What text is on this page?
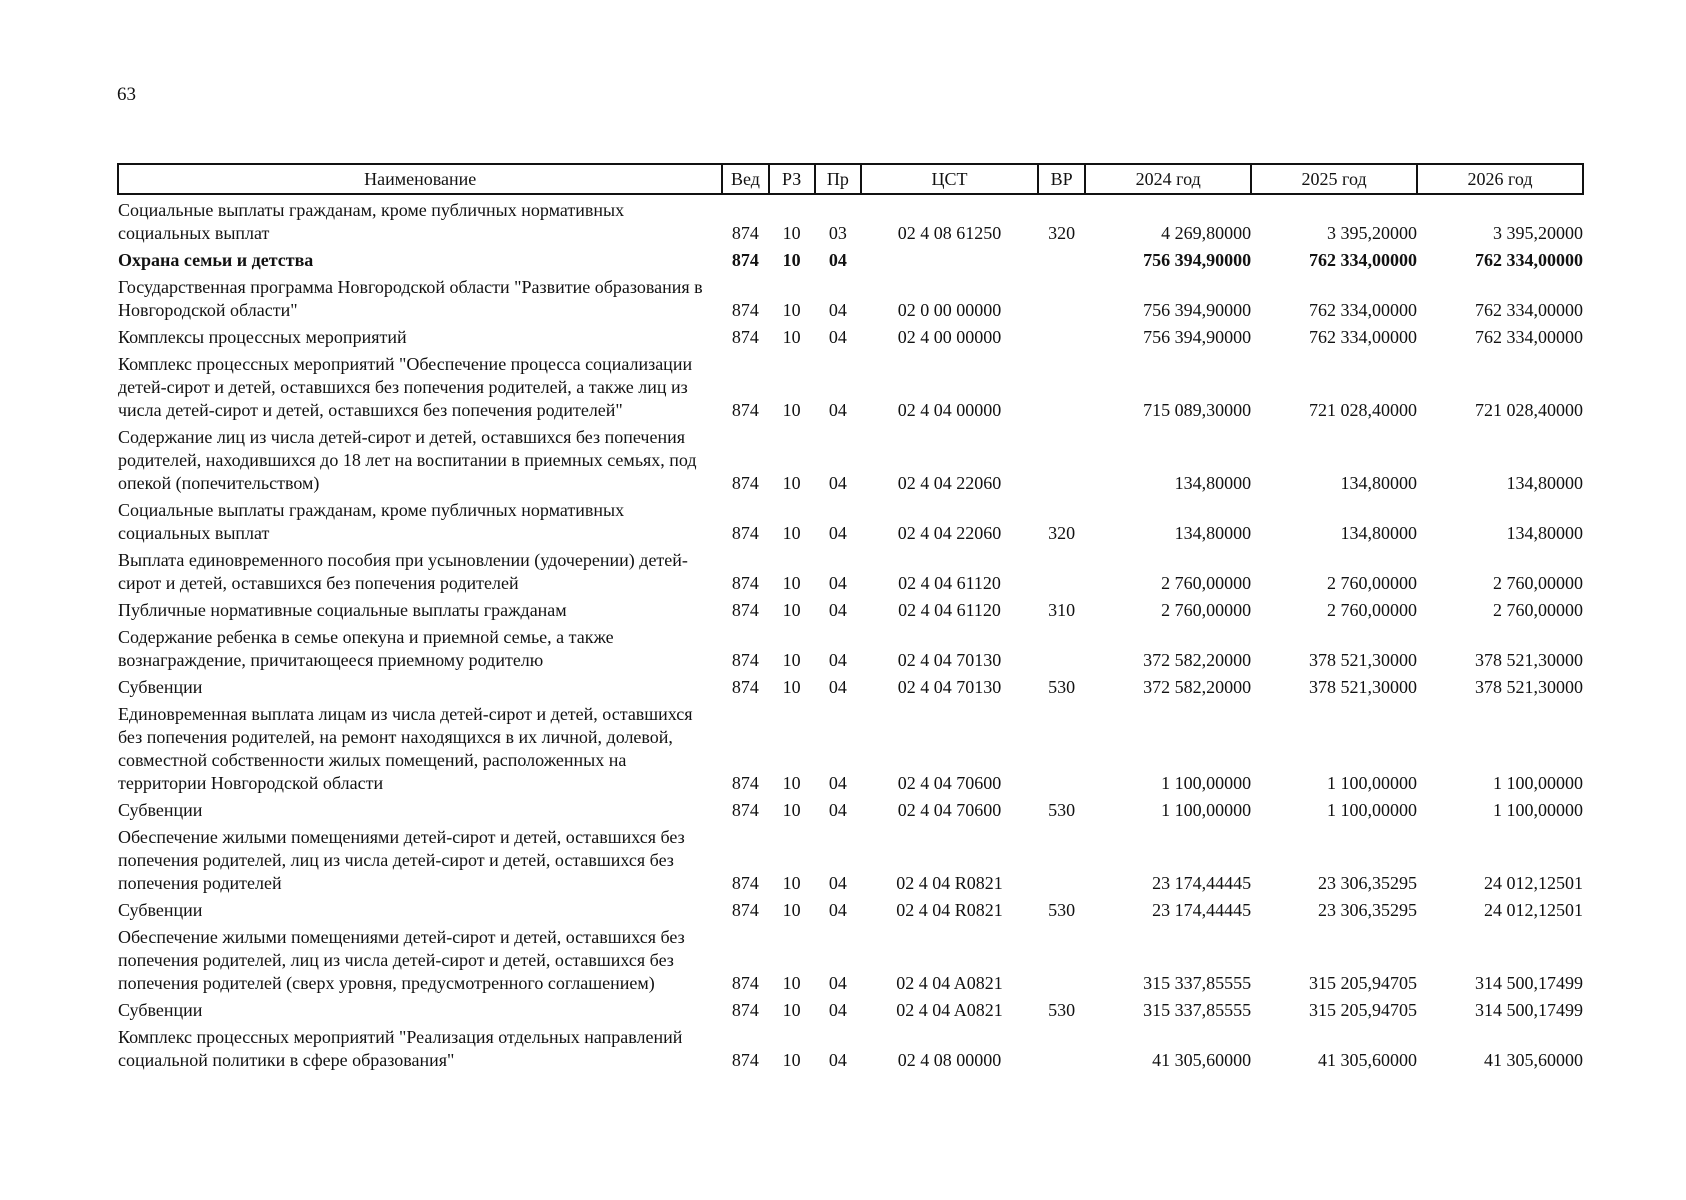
63
Наименование	Вед	РЗ	Пр	ЦСТ	ВР	2024 год	2025 год	2026 год
Социальные выплаты гражданам, кроме публичных нормативных социальных выплат	874	10	03	02 4 08 61250	320	4 269,80000	3 395,20000	3 395,20000
Охрана семьи и детства	874	10	04			756 394,90000	762 334,00000	762 334,00000
Государственная программа Новгородской области "Развитие образования в Новгородской области"	874	10	04	02 0 00 00000		756 394,90000	762 334,00000	762 334,00000
Комплексы процессных мероприятий	874	10	04	02 4 00 00000		756 394,90000	762 334,00000	762 334,00000
Комплекс процессных мероприятий "Обеспечение процесса социализации детей-сирот и детей, оставшихся без попечения родителей, а также лиц из числа детей-сирот и детей, оставшихся без попечения родителей"	874	10	04	02 4 04 00000		715 089,30000	721 028,40000	721 028,40000
Содержание лиц из числа детей-сирот и детей, оставшихся без попечения родителей, находившихся до 18 лет на воспитании в приемных семьях, под опекой (попечительством)	874	10	04	02 4 04 22060		134,80000	134,80000	134,80000
Социальные выплаты гражданам, кроме публичных нормативных социальных выплат	874	10	04	02 4 04 22060	320	134,80000	134,80000	134,80000
Выплата единовременного пособия при усыновлении (удочерении) детей-сирот и детей, оставшихся без попечения родителей	874	10	04	02 4 04 61120		2 760,00000	2 760,00000	2 760,00000
Публичные нормативные социальные выплаты гражданам	874	10	04	02 4 04 61120	310	2 760,00000	2 760,00000	2 760,00000
Содержание ребенка в семье опекуна и приемной семье, а также вознаграждение, причитающееся приемному родителю	874	10	04	02 4 04 70130		372 582,20000	378 521,30000	378 521,30000
Субвенции	874	10	04	02 4 04 70130	530	372 582,20000	378 521,30000	378 521,30000
Единовременная выплата лицам из числа детей-сирот и детей, оставшихся без попечения родителей, на ремонт находящихся в их личной, долевой, совместной собственности жилых помещений, расположенных на территории Новгородской области	874	10	04	02 4 04 70600		1 100,00000	1 100,00000	1 100,00000
Субвенции	874	10	04	02 4 04 70600	530	1 100,00000	1 100,00000	1 100,00000
Обеспечение жилыми помещениями детей-сирот и детей, оставшихся без попечения родителей, лиц из числа детей-сирот и детей, оставшихся без попечения родителей	874	10	04	02 4 04 R0821		23 174,44445	23 306,35295	24 012,12501
Субвенции	874	10	04	02 4 04 R0821	530	23 174,44445	23 306,35295	24 012,12501
Обеспечение жилыми помещениями детей-сирот и детей, оставшихся без попечения родителей, лиц из числа детей-сирот и детей, оставшихся без попечения родителей (сверх уровня, предусмотренного соглашением)	874	10	04	02 4 04 A0821		315 337,85555	315 205,94705	314 500,17499
Субвенции	874	10	04	02 4 04 A0821	530	315 337,85555	315 205,94705	314 500,17499
Комплекс процессных мероприятий "Реализация отдельных направлений социальной политики в сфере образования"	874	10	04	02 4 08 00000		41 305,60000	41 305,60000	41 305,60000
